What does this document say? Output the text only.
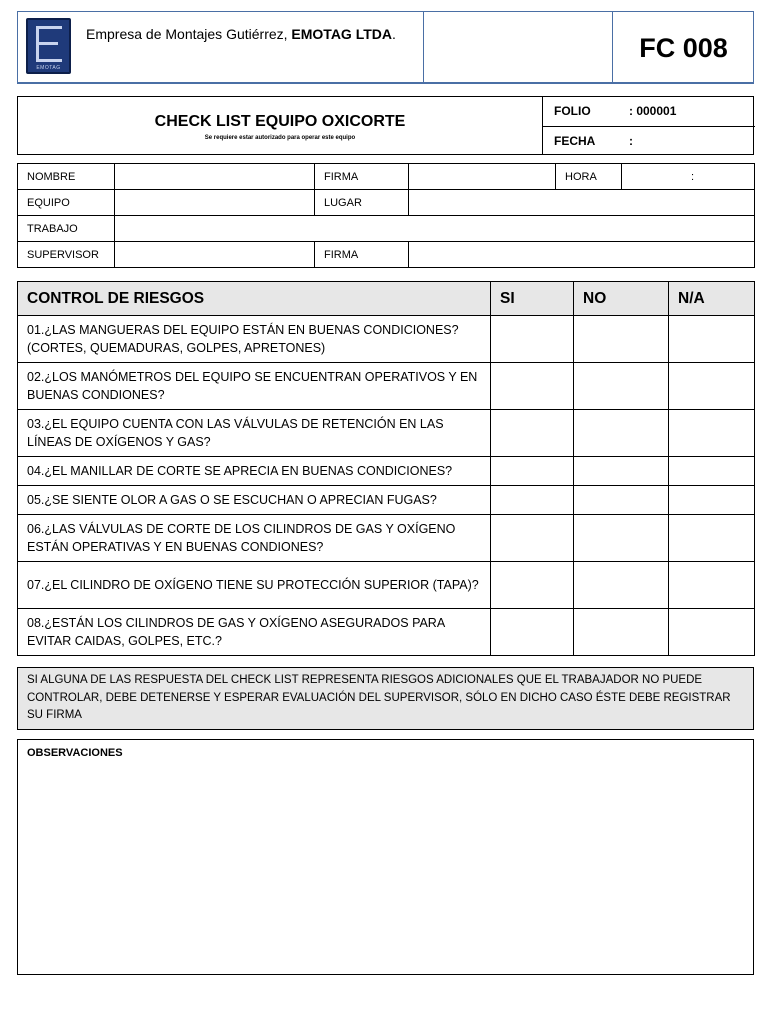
EMOTAG
Empresa de Montajes Gutiérrez, EMOTAG LTDA.	FC 008
CHECK LIST EQUIPO OXICORTE
Se requiere estar autorizado para operar este equipo
FOLIO	: 000001
FECHA	:
NOMBRE		FIRMA		HORA	:
EQUIPO		LUGAR			
TRABAJO					
SUPERVISOR		FIRMA			
CONTROL DE RIESGOS	SI	NO	N/A
01.¿LAS MANGUERAS DEL EQUIPO ESTÁN EN BUENAS CONDICIONES? (CORTES, QUEMADURAS, GOLPES, APRETONES)			
02.¿LOS MANÓMETROS DEL EQUIPO SE ENCUENTRAN OPERATIVOS Y EN BUENAS CONDIONES?			
03.¿EL EQUIPO CUENTA CON LAS VÁLVULAS DE RETENCIÓN EN LAS LÍNEAS DE OXÍGENOS Y GAS?			
04.¿EL MANILLAR DE CORTE SE APRECIA EN BUENAS CONDICIONES?			
05.¿SE SIENTE OLOR A GAS O SE ESCUCHAN O APRECIAN FUGAS?			
06.¿LAS VÁLVULAS DE CORTE DE LOS CILINDROS DE GAS Y OXÍGENO ESTÁN OPERATIVAS Y EN BUENAS CONDIONES?			
07.¿EL CILINDRO DE OXÍGENO TIENE SU PROTECCIÓN SUPERIOR (TAPA)?			
08.¿ESTÁN LOS CILINDROS DE GAS Y OXÍGENO ASEGURADOS PARA EVITAR CAIDAS, GOLPES, ETC.?			
SI ALGUNA DE LAS RESPUESTA DEL CHECK LIST REPRESENTA RIESGOS ADICIONALES QUE EL TRABAJADOR NO PUEDE CONTROLAR, DEBE DETENERSE Y ESPERAR EVALUACIÓN DEL SUPERVISOR, SÓLO EN DICHO CASO ÉSTE DEBE REGISTRAR SU FIRMA
OBSERVACIONES
